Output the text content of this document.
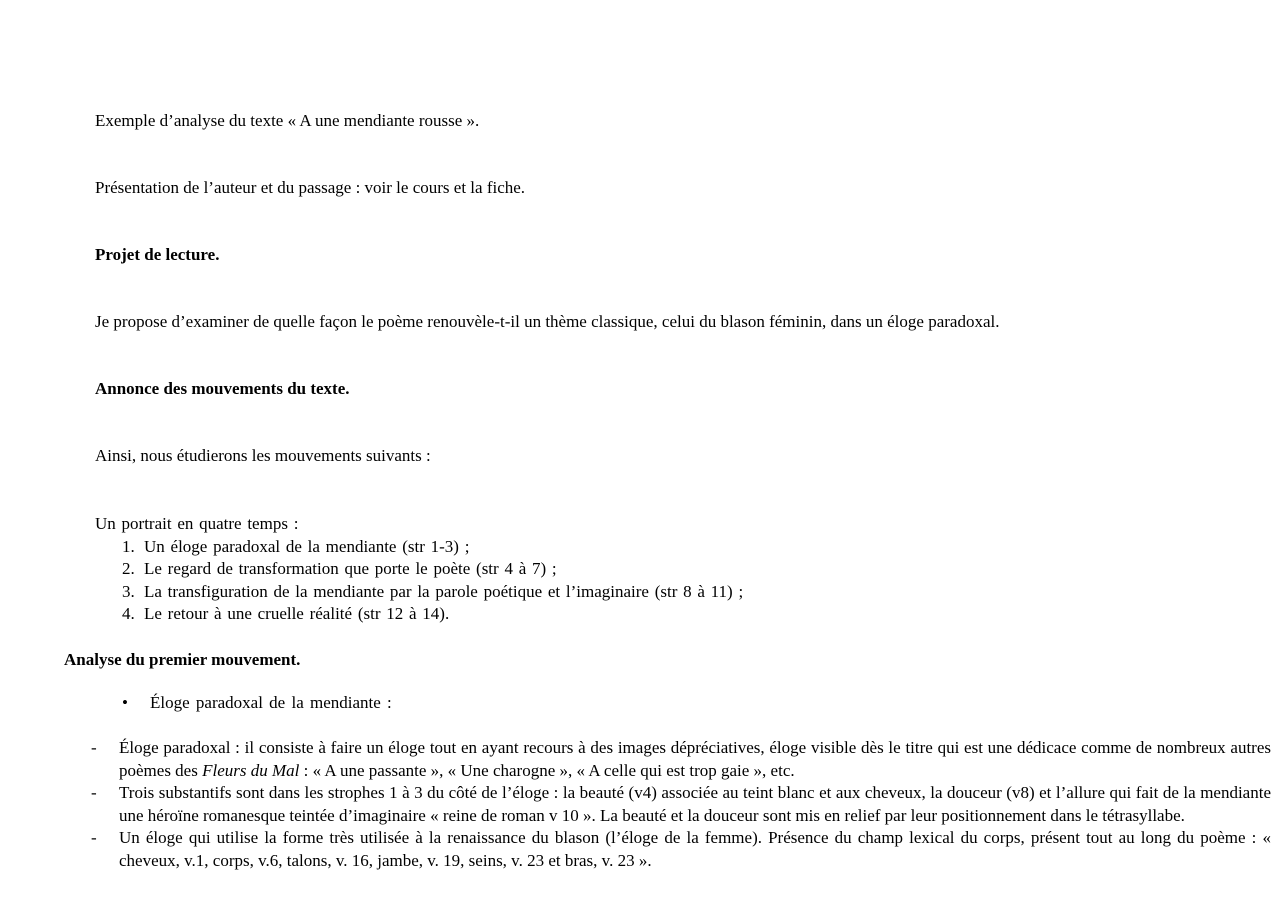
Exemple d’analyse du texte « A une mendiante rousse ».
Présentation de l’auteur et du passage : voir le cours et la fiche.
Projet de lecture.
Je propose d’examiner de quelle façon le poème renouvèle-t-il un thème classique, celui du blason féminin, dans un éloge paradoxal.
Annonce des mouvements du texte.
Ainsi, nous étudierons les mouvements suivants :
Un portrait en quatre temps :
1. Un éloge paradoxal de la mendiante (str 1-3) ;
2. Le regard de transformation que porte le poète (str 4 à 7) ;
3. La transfiguration de la mendiante par la parole poétique et l’imaginaire (str 8 à 11) ;
4. Le retour à une cruelle réalité (str 12 à 14).
Analyse du premier mouvement.
• Éloge paradoxal de la mendiante :
- Éloge paradoxal : il consiste à faire un éloge tout en ayant recours à des images dépréciatives, éloge visible dès le titre qui est une dédicace comme de nombreux autres poèmes des Fleurs du Mal : « A une passante », « Une charogne », « A celle qui est trop gaie », etc.
- Trois substantifs sont dans les strophes 1 à 3 du côté de l’éloge : la beauté (v4) associée au teint blanc et aux cheveux, la douceur (v8) et l’allure qui fait de la mendiante une héroïne romanesque teintée d’imaginaire « reine de roman v 10 ». La beauté et la douceur sont mis en relief par leur positionnement dans le tétrasyllabe.
- Un éloge qui utilise la forme très utilisée à la renaissance du blason (l’éloge de la femme). Présence du champ lexical du corps, présent tout au long du poème : « cheveux, v.1, corps, v.6, talons, v. 16, jambe, v. 19, seins, v. 23 et bras, v. 23 ».
